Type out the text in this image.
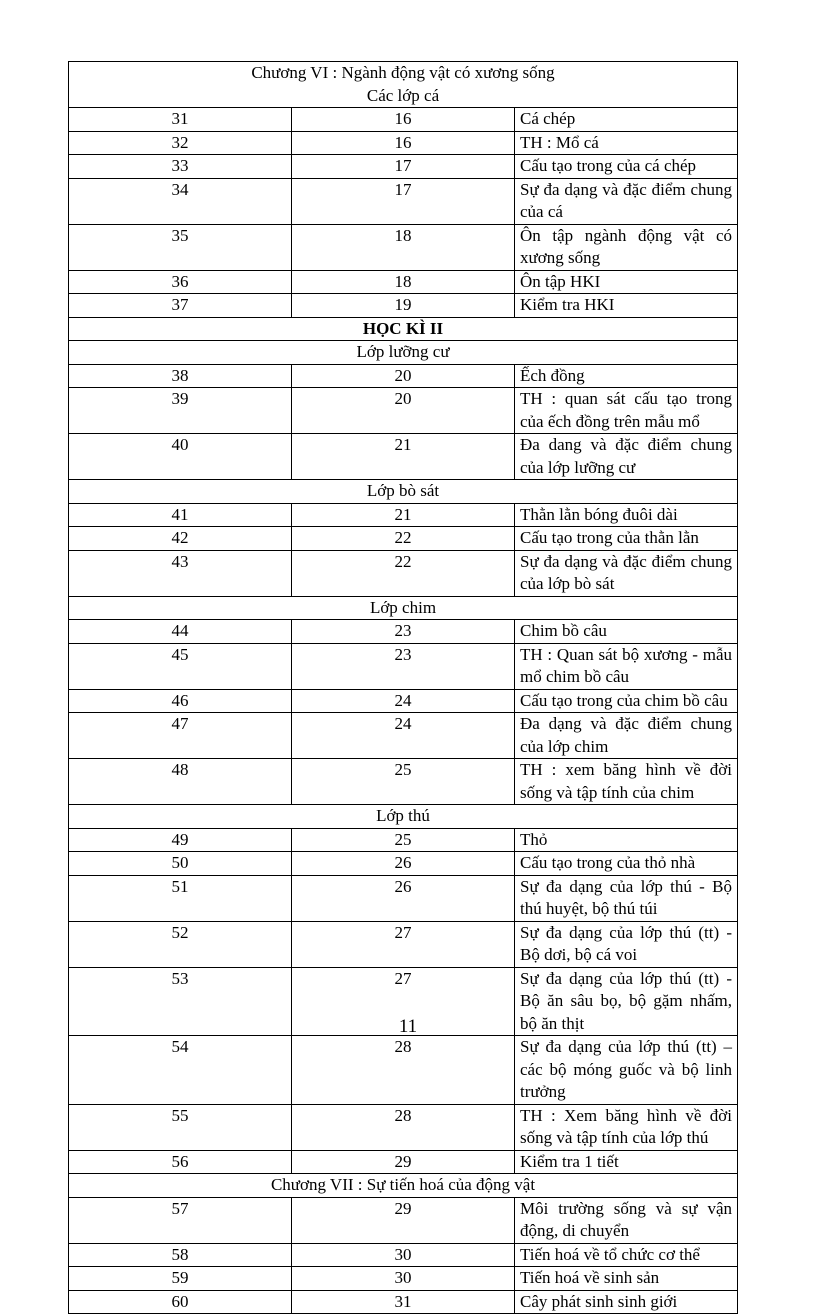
Chương VI : Ngành động vật có xương sống
Các lớp cá		

31	16	Cá chép
32	16	TH : Mổ cá
33	17	Cấu tạo trong của cá chép
34	17	Sự đa dạng và đặc điểm chung của cá
35	18	Ôn tập ngành động vật có xương sống
36	18	Ôn tập HKI
37	19	Kiểm tra HKI
HỌC KÌ II		
Lớp lưỡng cư		
38	20	Ếch đồng
39	20	TH : quan sát cấu tạo trong của ếch đồng trên mẫu mổ
40	21	Đa dang và đặc điểm chung của lớp lưỡng cư
Lớp bò sát		
41	21	Thằn lằn bóng đuôi dài
42	22	Cấu tạo trong của thằn lằn
43	22	Sự đa dạng và đặc điểm chung của lớp bò sát
Lớp chim		
44	23	Chim bồ câu
45	23	TH : Quan sát bộ xương - mẫu mổ chim bồ câu
46	24	Cấu tạo trong của chim bồ câu
47	24	Đa dạng và đặc điểm chung của lớp chim
48	25	TH : xem băng hình về đời sống và tập tính của chim
Lớp thú		
49	25	Thỏ
50	26	Cấu tạo trong của thỏ nhà
51	26	Sự đa dạng của lớp thú - Bộ thú huyệt, bộ thú túi
52	27	Sự đa dạng của lớp thú (tt) - Bộ dơi, bộ cá voi
53	27	Sự đa dạng của lớp thú (tt) - Bộ ăn sâu bọ, bộ gặm nhấm, bộ ăn thịt
54	28	Sự đa dạng của lớp thú (tt) – các bộ móng guốc và bộ linh trưởng
55	28	TH : Xem băng hình về đời sống và tập tính của lớp thú
56	29	Kiểm tra 1 tiết
Chương VII : Sự tiến hoá của động vật		
57	29	Môi trường sống và sự vận động, di chuyển
58	30	Tiến hoá về tổ chức cơ thể
59	30	Tiến hoá về sinh sản
60	31	Cây phát sinh sinh giới
11
